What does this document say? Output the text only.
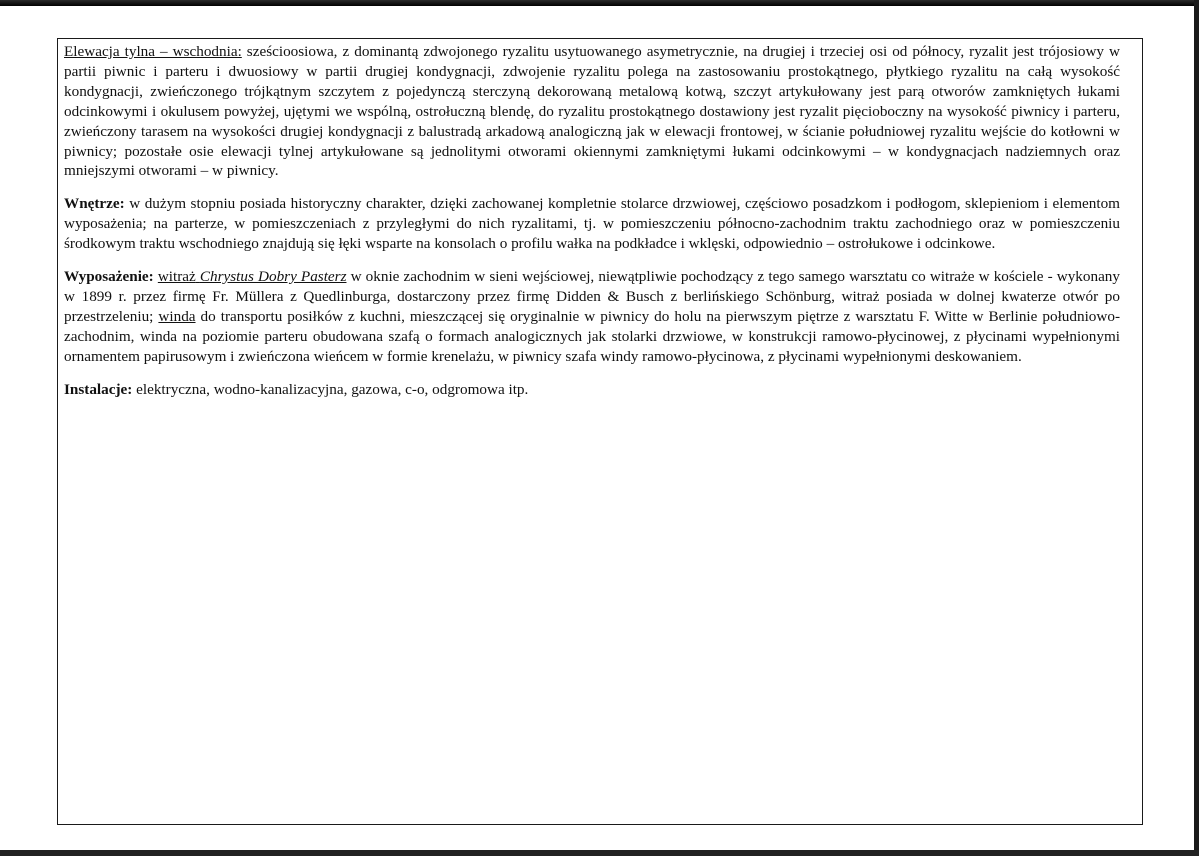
Elewacja tylna – wschodnia: sześcioosiowa, z dominantą zdwojonego ryzalitu usytuowanego asymetrycznie, na drugiej i trzeciej osi od północy, ryzalit jest trójosiowy w partii piwnic i parteru i dwuosiowy w partii drugiej kondygnacji, zdwojenie ryzalitu polega na zastosowaniu prostokątnego, płytkiego ryzalitu na całą wysokość kondygnacji, zwieńczonego trójkątnym szczytem z pojedynczą sterczyną dekorowaną metalową kotwą, szczyt artykułowany jest parą otworów zamkniętych łukami odcinkowymi i okulusem powyżej, ujętymi we wspólną, ostrołuczną blendę, do ryzalitu prostokątnego dostawiony jest ryzalit pięcioboczny na wysokość piwnicy i parteru, zwieńczony tarasem na wysokości drugiej kondygnacji z balustradą arkadową analogiczną jak w elewacji frontowej, w ścianie południowej ryzalitu wejście do kotłowni w piwnicy; pozostałe osie elewacji tylnej artykułowane są jednolitymi otworami okiennymi zamkniętymi łukami odcinkowymi – w kondygnacjach nadziemnych oraz mniejszymi otworami – w piwnicy.

Wnętrze: w dużym stopniu posiada historyczny charakter, dzięki zachowanej kompletnie stolarce drzwiowej, częściowo posadzkom i podłogom, sklepieniom i elementom wyposażenia; na parterze, w pomieszczeniach z przyległymi do nich ryzalitami, tj. w pomieszczeniu północno-zachodnim traktu zachodniego oraz w pomieszczeniu środkowym traktu wschodniego znajdują się łęki wsparte na konsolach o profilu wałka na podkładce i wklęski, odpowiednio – ostrołukowe i odcinkowe.

Wyposażenie: witraż Chrystus Dobry Pasterz w oknie zachodnim w sieni wejściowej, niewątpliwie pochodzący z tego samego warsztatu co witraże w kościele - wykonany w 1899 r. przez firmę Fr. Müllera z Quedlinburga, dostarczony przez firmę Didden & Busch z berlińskiego Schönburg, witraż posiada w dolnej kwaterze otwór po przestrzeleniu; winda do transportu posiłków z kuchni, mieszczącej się oryginalnie w piwnicy do holu na pierwszym piętrze z warsztatu F. Witte w Berlinie południowo-zachodnim, winda na poziomie parteru obudowana szafą o formach analogicznych jak stolarki drzwiowe, w konstrukcji ramowo-płycinowej, z płycinami wypełnionymi ornamentem papirusowym i zwieńczona wieńcem w formie krenelażu, w piwnicy szafa windy ramowo-płycinowa, z płycinami wypełnionymi deskowaniem.

Instalacje: elektryczna, wodno-kanalizacyjna, gazowa, c-o, odgromowa itp.
